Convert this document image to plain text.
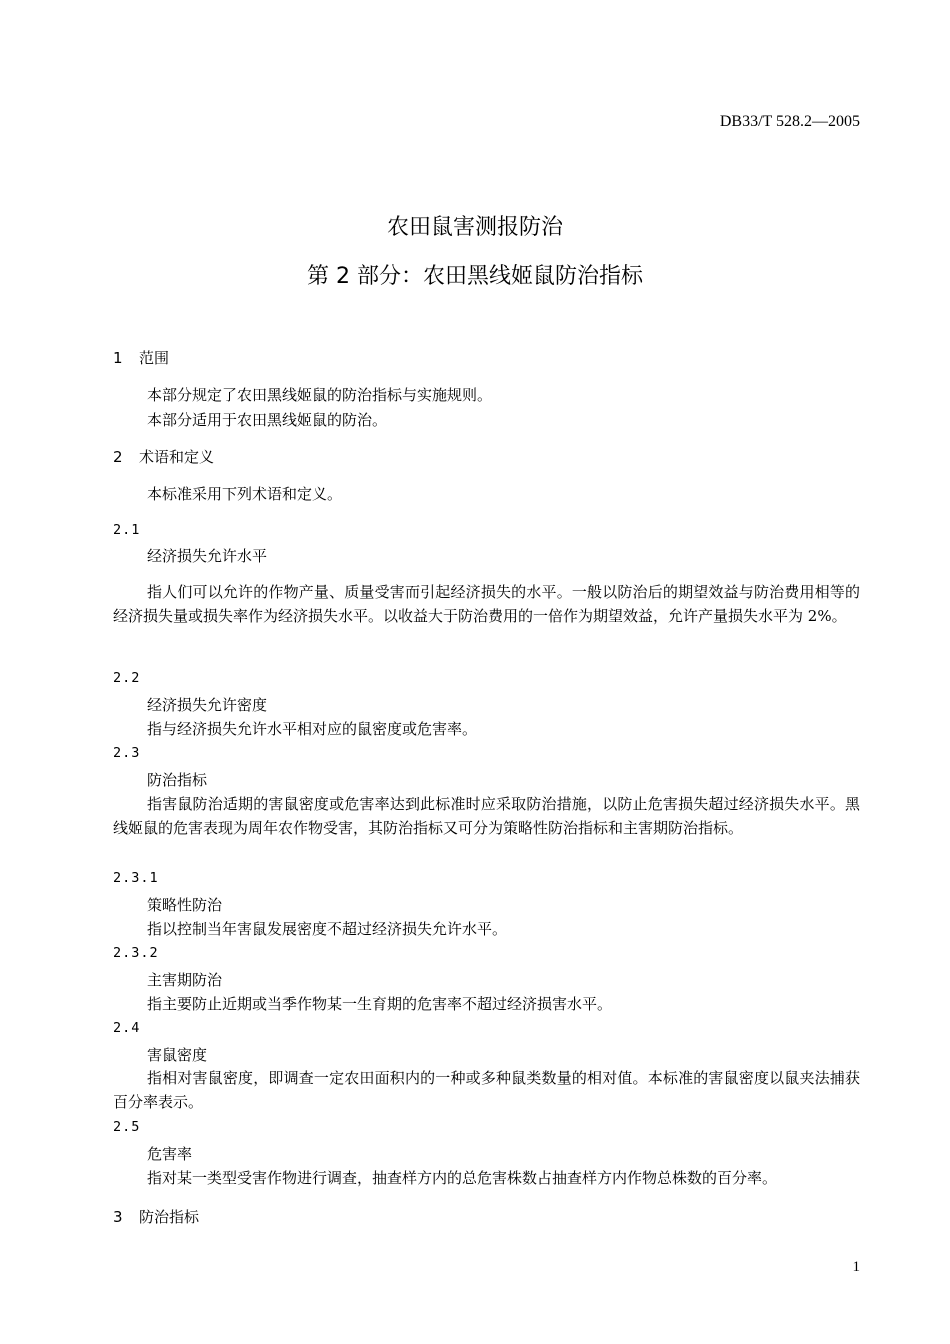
DB33/T 528.2—2005
农田鼠害测报防治
第 2 部分：农田黑线姬鼠防治指标
1 范围
本部分规定了农田黑线姬鼠的防治指标与实施规则。
本部分适用于农田黑线姬鼠的防治。
2 术语和定义
本标准采用下列术语和定义。
2.1
经济损失允许水平
指人们可以允许的作物产量、质量受害而引起经济损失的水平。一般以防治后的期望效益与防治费用相等的经济损失量或损失率作为经济损失水平。以收益大于防治费用的一倍作为期望效益，允许产量损失水平为 2%。
2.2
经济损失允许密度
指与经济损失允许水平相对应的鼠密度或危害率。
2.3
防治指标
指害鼠防治适期的害鼠密度或危害率达到此标准时应采取防治措施，以防止危害损失超过经济损失水平。黑线姬鼠的危害表现为周年农作物受害，其防治指标又可分为策略性防治指标和主害期防治指标。
2.3.1
策略性防治
指以控制当年害鼠发展密度不超过经济损失允许水平。
2.3.2
主害期防治
指主要防止近期或当季作物某一生育期的危害率不超过经济损害水平。
2.4
害鼠密度
指相对害鼠密度，即调查一定农田面积内的一种或多种鼠类数量的相对值。本标准的害鼠密度以鼠夹法捕获百分率表示。
2.5
危害率
指对某一类型受害作物进行调查，抽查样方内的总危害株数占抽查样方内作物总株数的百分率。
3 防治指标
1
